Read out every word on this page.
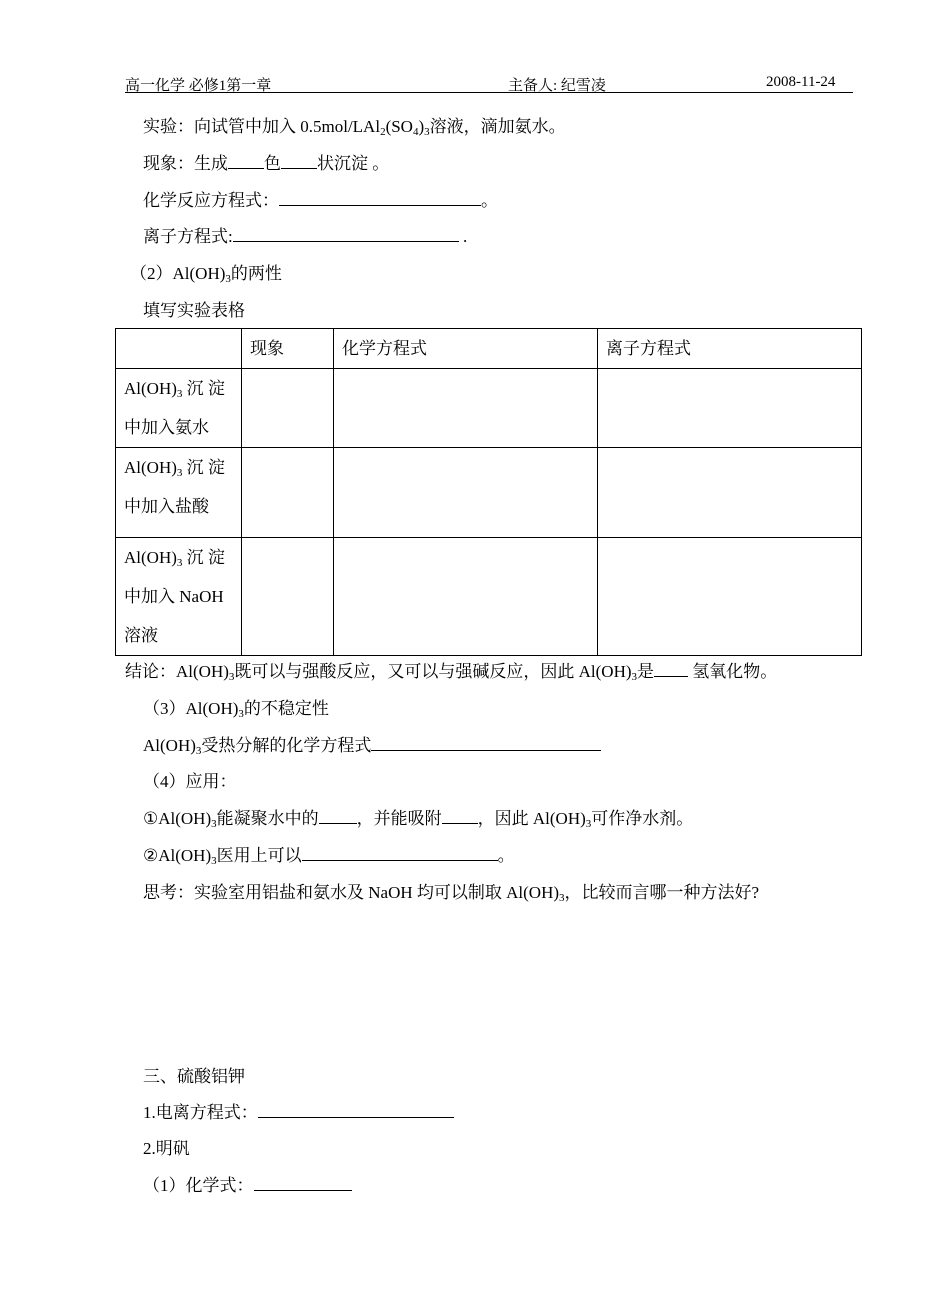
高一化学 必修1第一章	主备人: 纪雪凌	2008-11-24
实验：向试管中加入 $0.5mol/LAl_2(SO_4)_3$溶液，滴加氨水。
现象：生成 色 状沉淀 。
化学反应方程式：	。
离子方程式:	.
$(2)Al(OH)_3$的两性
填写实验表格
	现象	化学方程式	离子方程式

$Al(OH)_3$ 沉 淀
中加入氨水			

$Al(OH)_3$ 沉 淀
中加入盐酸			

$Al(OH)_3$ 沉 淀
中加入 NaOH
溶液			

结论：$Al(OH)_3$既可以与强酸反应，又可以与强碱反应，因此 $Al(OH)_3$是 氢氧化物。
$(3)Al(OH)_3$的不稳定性
$Al(OH)_3$受热分解的化学方程式
（4）应用：
$①Al(OH)_3$能凝聚水中的 ，并能吸附 ，因此 $Al(OH)_3$可作净水剂。
$②Al(OH)_3$医用上可以	。
思考：实验室用铝盐和氨水及 NaOH 均可以制取 $Al(OH)_3$，比较而言哪一种方法好?
三、硫酸铝钾
1.电离方程式：
2.明矾
（1）化学式：
